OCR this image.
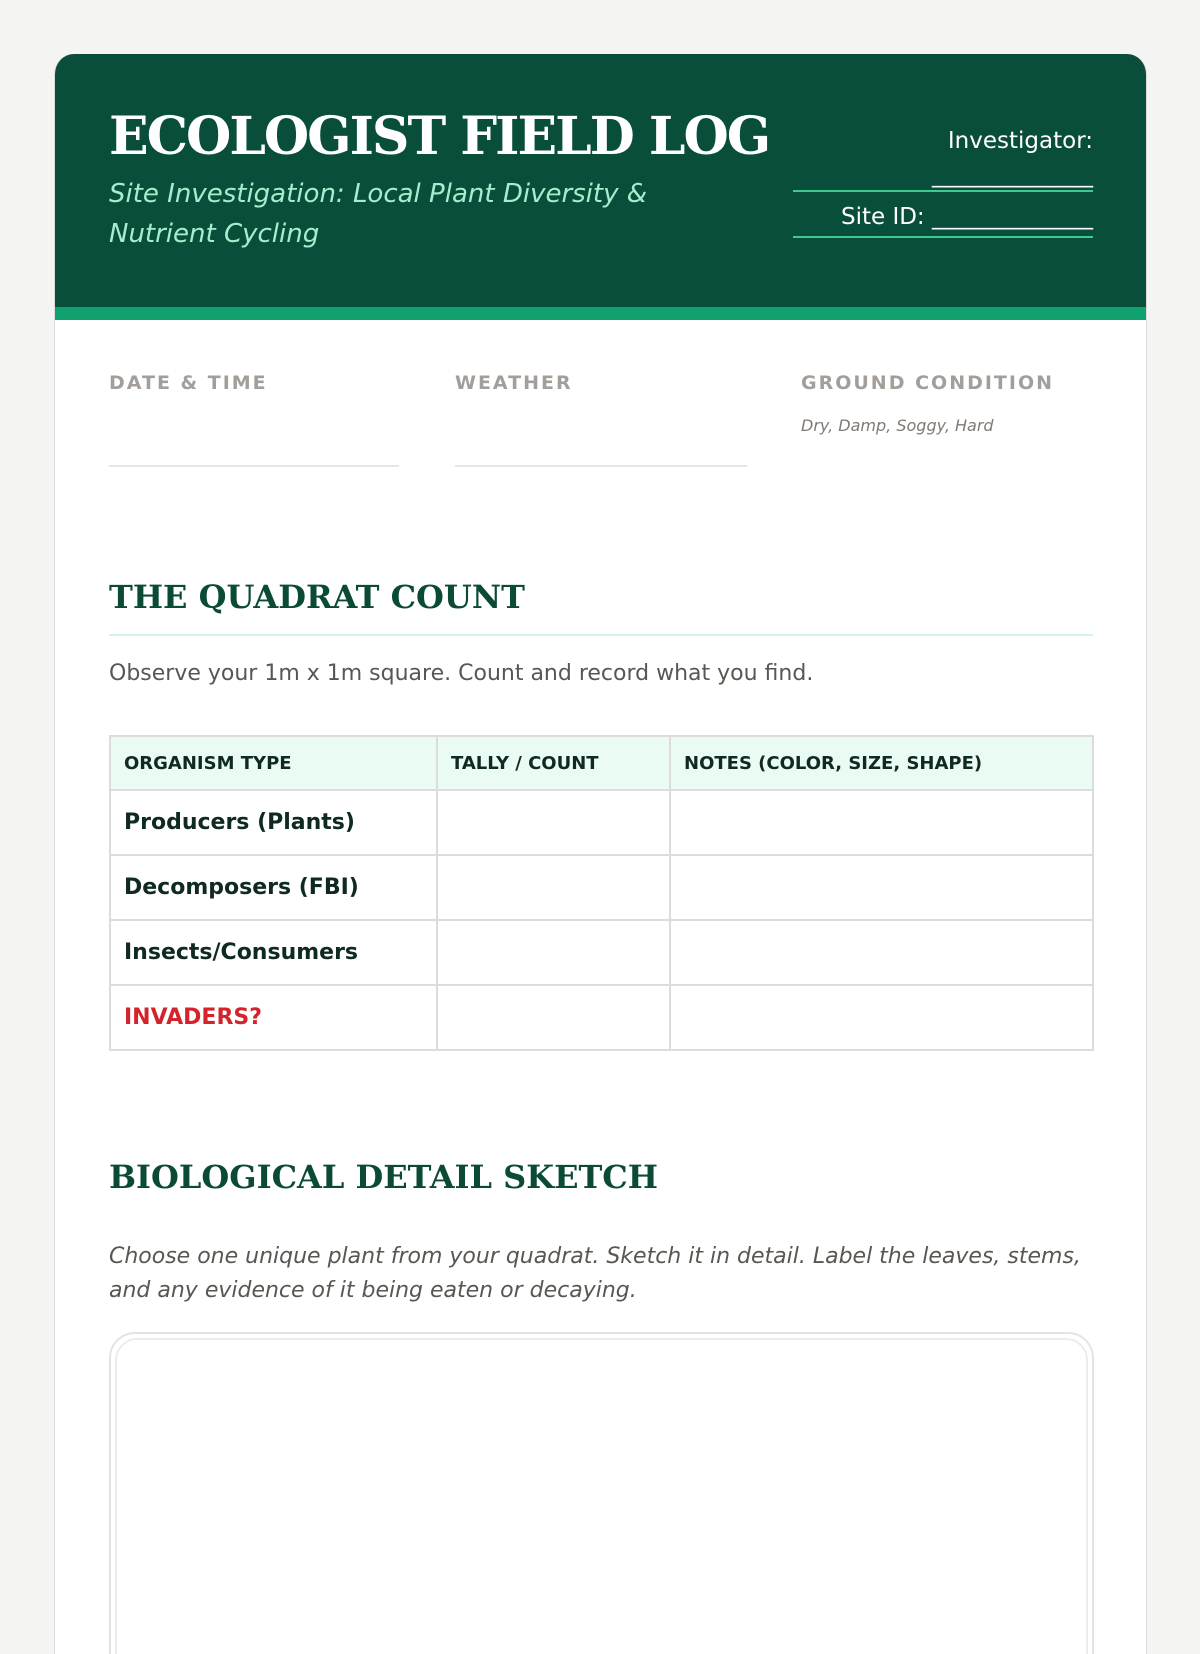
ECOLOGIST FIELD LOG
Site Investigation: Local Plant Diversity & Nutrient Cycling
Investigator:
______________
Site ID: ______________
DATE & TIME	WEATHER	GROUND CONDITION
Dry, Damp, Soggy, Hard
THE QUADRAT COUNT
Observe your 1m x 1m square. Count and record what you find.
ORGANISM TYPE	TALLY / COUNT	NOTES (COLOR, SIZE, SHAPE)
Producers (Plants)		
Decomposers (FBI)		
Insects/Consumers		
INVADERS?		
BIOLOGICAL DETAIL SKETCH
Choose one unique plant from your quadrat. Sketch it in detail. Label the leaves, stems, and any evidence of it being eaten or decaying.
